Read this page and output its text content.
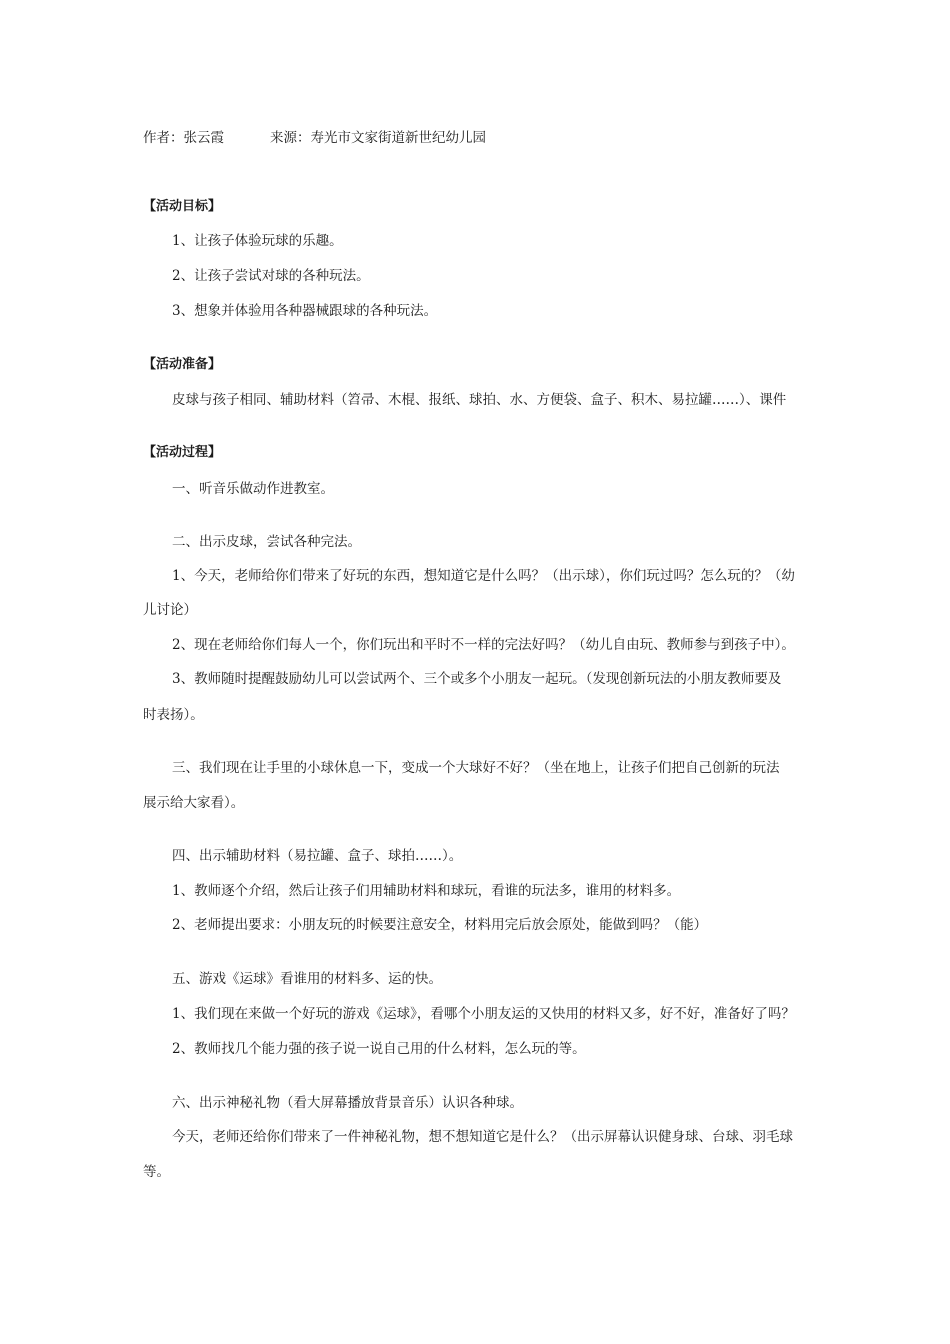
作者：张云霞	来源：寿光市文家街道新世纪幼儿园
【活动目标】
1、让孩子体验玩球的乐趣。
2、让孩子尝试对球的各种玩法。
3、想象并体验用各种器械跟球的各种玩法。
【活动准备】
皮球与孩子相同、辅助材料（笤帚、木棍、报纸、球拍、水、方便袋、盒子、积木、易拉罐……）、课件
【活动过程】
一、听音乐做动作进教室。
二、出示皮球，尝试各种完法。
1、今天，老师给你们带来了好玩的东西，想知道它是什么吗？（出示球），你们玩过吗？怎么玩的？（幼
儿讨论）
2、现在老师给你们每人一个，你们玩出和平时不一样的完法好吗？（幼儿自由玩、教师参与到孩子中）。
3、教师随时提醒鼓励幼儿可以尝试两个、三个或多个小朋友一起玩。（发现创新玩法的小朋友教师要及
时表扬）。
三、我们现在让手里的小球休息一下，变成一个大球好不好？（坐在地上，让孩子们把自己创新的玩法
展示给大家看）。
四、出示辅助材料（易拉罐、盒子、球拍……）。
1、教师逐个介绍，然后让孩子们用辅助材料和球玩，看谁的玩法多，谁用的材料多。
2、老师提出要求：小朋友玩的时候要注意安全，材料用完后放会原处，能做到吗？（能）
五、游戏《运球》看谁用的材料多、运的快。
1、我们现在来做一个好玩的游戏《运球》，看哪个小朋友运的又快用的材料又多，好不好，准备好了吗？
2、教师找几个能力强的孩子说一说自己用的什么材料，怎么玩的等。
六、出示神秘礼物（看大屏幕播放背景音乐）认识各种球。
今天，老师还给你们带来了一件神秘礼物，想不想知道它是什么？（出示屏幕认识健身球、台球、羽毛球
等。
